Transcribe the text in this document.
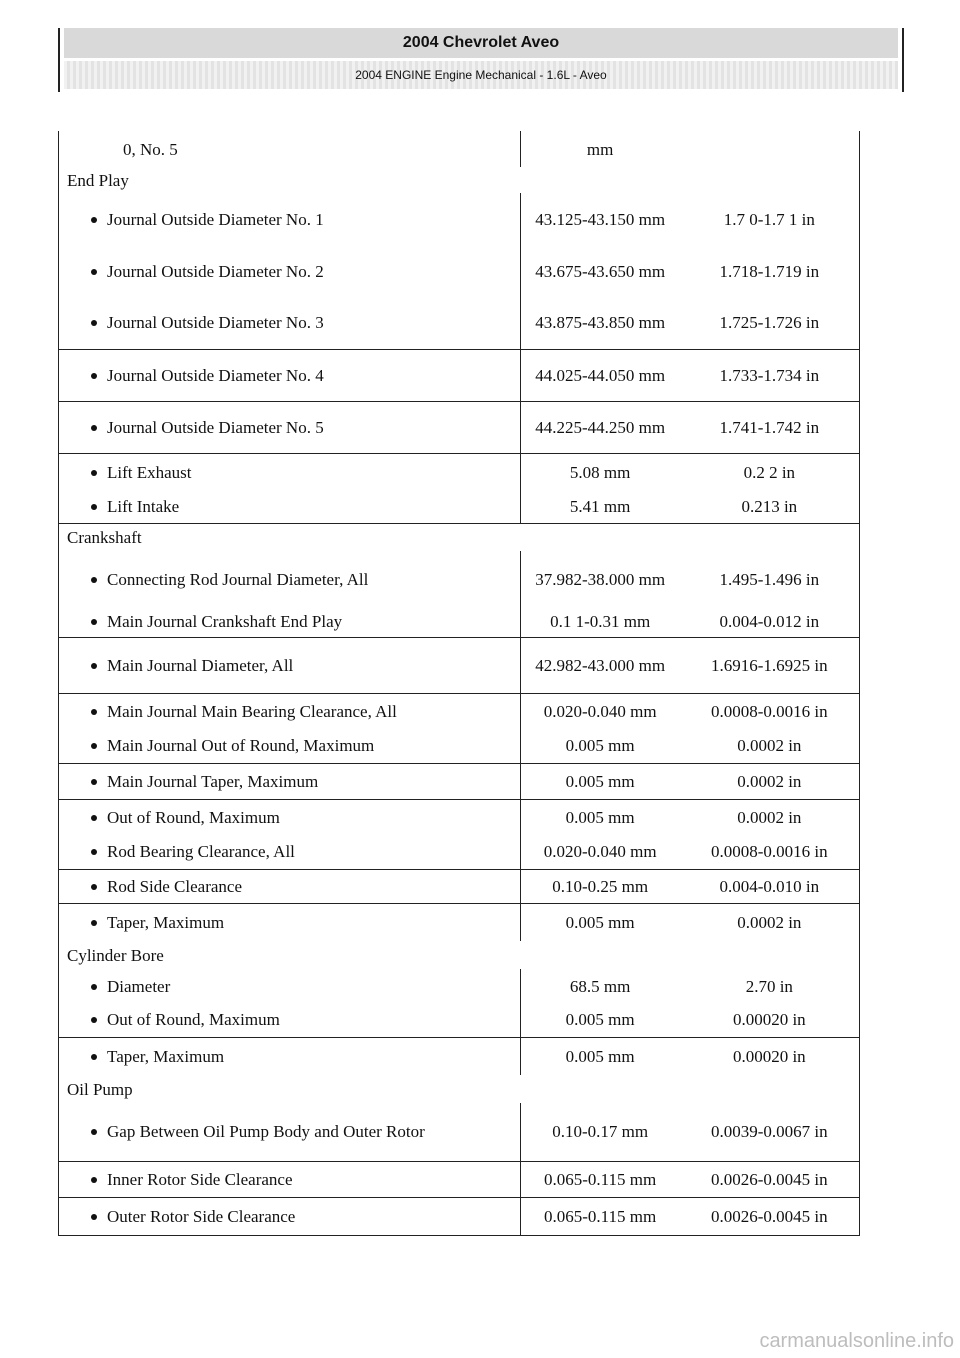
2004 Chevrolet Aveo
2004 ENGINE Engine Mechanical - 1.6L - Aveo
0, No. 5	mm	
End Play		

Journal Outside Diameter No. 1	43.125-43.150 mm	1.7 0-1.7 1 in

Journal Outside Diameter No. 2	43.675-43.650 mm	1.718-1.719 in

Journal Outside Diameter No. 3	43.875-43.850 mm	1.725-1.726 in

Journal Outside Diameter No. 4	44.025-44.050 mm	1.733-1.734 in

Journal Outside Diameter No. 5	44.225-44.250 mm	1.741-1.742 in

Lift Exhaust	5.08 mm	0.2 2 in

Lift Intake	5.41 mm	0.213 in
Crankshaft		

Connecting Rod Journal Diameter, All	37.982-38.000 mm	1.495-1.496 in

Main Journal Crankshaft End Play	0.1 1-0.31 mm	0.004-0.012 in

Main Journal Diameter, All	42.982-43.000 mm	1.6916-1.6925 in

Main Journal Main Bearing Clearance, All	0.020-0.040 mm	0.0008-0.0016 in

Main Journal Out of Round, Maximum	0.005 mm	0.0002 in

Main Journal Taper, Maximum	0.005 mm	0.0002 in

Out of Round, Maximum	0.005 mm	0.0002 in

Rod Bearing Clearance, All	0.020-0.040 mm	0.0008-0.0016 in

Rod Side Clearance	0.10-0.25 mm	0.004-0.010 in

Taper, Maximum	0.005 mm	0.0002 in
Cylinder Bore		

Diameter	68.5 mm	2.70 in

Out of Round, Maximum	0.005 mm	0.00020 in

Taper, Maximum	0.005 mm	0.00020 in
Oil Pump		

Gap Between Oil Pump Body and Outer Rotor	0.10-0.17 mm	0.0039-0.0067 in

Inner Rotor Side Clearance	0.065-0.115 mm	0.0026-0.0045 in

Outer Rotor Side Clearance	0.065-0.115 mm	0.0026-0.0045 in
carmanualsonline.info
